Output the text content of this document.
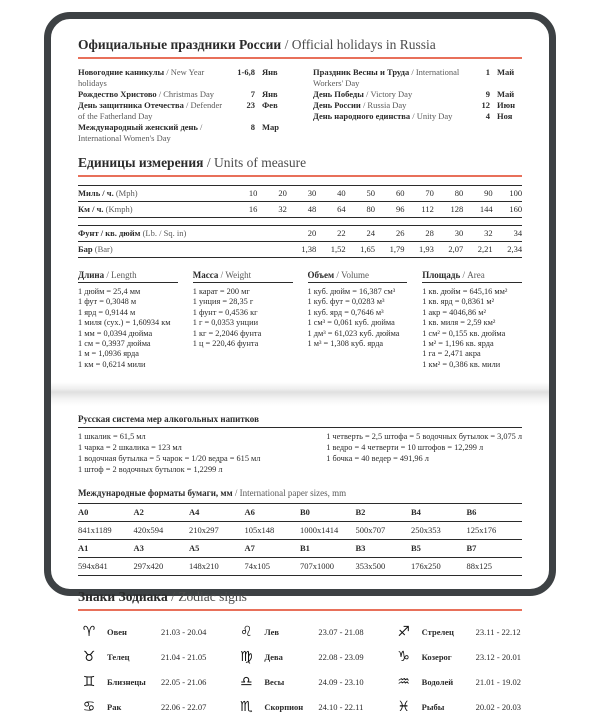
Официальные праздники России / Official holidays in Russia
Новогодние каникулы / New Year holidays
1-6,8 Янв
Рождество Христово / Christmas Day	7 Янв
День защитника Отечества / Defender of the Fatherland Day
23 Фев
Международный женский день / International Women's Day
8 Мар
Праздник Весны и Труда / International Workers' Day
1 Май
День Победы / Victory Day	9 Май
День России / Russia Day	12 Июн
День народного единства / Unity Day	4 Ноя
Единицы измерения / Units of measure
Миль / ч. (Mph)	10	20	30	40	50	60	70	80	90	100
Км / ч. (Kmph)	16	32	48	64	80	96	112	128	144	160
Фунт / кв. дюйм (Lb. / Sq. in)	20	22	24	26	28	30	32	34
Бар (Bar)	1,38	1,52	1,65	1,79	1,93	2,07	2,21	2,34
Длина / Length
1 дюйм = 25,4 мм
1 фут = 0,3048 м
1 ярд = 0,9144 м
1 миля (сух.) = 1,60934 км
1 мм = 0,0394 дюйма
1 см = 0,3937 дюйма
1 м = 1,0936 ярда
1 км = 0,6214 мили
Масса / Weight
1 карат = 200 мг
1 унция = 28,35 г
1 фунт = 0,4536 кг
1 г = 0,0353 унции
1 кг = 2,2046 фунта
1 ц = 220,46 фунта
Объем / Volume
1 куб. дюйм = 16,387 см³
1 куб. фут = 0,0283 м³
1 куб. ярд = 0,7646 м³
1 см³ = 0,061 куб. дюйма
1 дм³ = 61,023 куб. дюйма
1 м³ = 1,308 куб. ярда
Площадь / Area
1 кв. дюйм = 645,16 мм²
1 кв. ярд = 0,8361 м²
1 акр = 4046,86 м²
1 кв. миля = 2,59 км²
1 см² = 0,155 кв. дюйма
1 м² = 1,196 кв. ярда
1 га = 2,471 акра
1 км² = 0,386 кв. мили
Русская система мер алкогольных напитков
1 шкалик = 61,5 мл
1 чарка = 2 шкалика = 123 мл
1 водочная бутылка = 5 чарок = 1/20 ведра = 615 мл
1 штоф = 2 водочных бутылок = 1,2299 л
1 четверть = 2,5 штофа = 5 водочных бутылок = 3,075 л
1 ведро = 4 четверти = 10 штофов = 12,299 л
1 бочка = 40 ведер = 491,96 л
Международные форматы бумаги, мм / International paper sizes, mm
A0	A2	A4	A6	B0	B2	B4	B6
841x1189	420x594	210x297	105x148	1000x1414	500x707	250x353	125x176
A1	A3	A5	A7	B1	B3	B5	B7
594x841	297x420	148x210	74x105	707x1000	353x500	176x250	88x125
Знаки Зодиака / Zodiac signs
♈	Овен	21.03 - 20.04
♉	Телец	21.04 - 21.05
♊	Близнецы	22.05 - 21.06
♋	Рак	22.06 - 22.07
♌	Лев	23.07 - 21.08
♍	Дева	22.08 - 23.09
♎	Весы	24.09 - 23.10
♏	Скорпион	24.10 - 22.11
♐	Стрелец	23.11 - 22.12
♑	Козерог	23.12 - 20.01
♒	Водолей	21.01 - 19.02
♓	Рыбы	20.02 - 20.03
